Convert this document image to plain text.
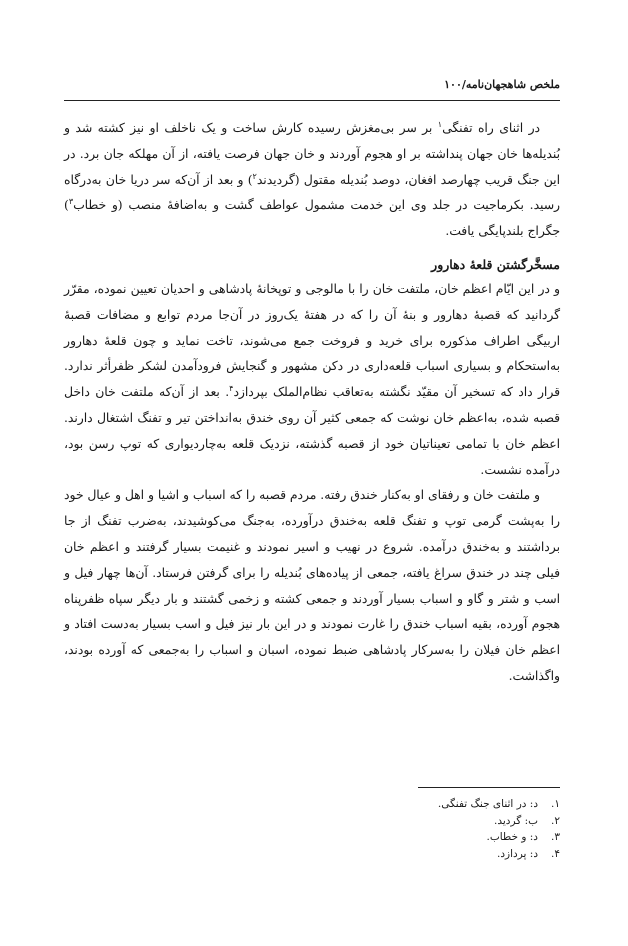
ملخص شاهجهان‌نامه/۱۰۰

در اثنای راه تفنگی$^۱$ بر سر بی‌مغزش رسیده کارش ساخت و یک ناخلف او نیز کشته شد و بُندیله‌ها خان جهان پنداشته بر او هجوم آوردند و خان جهان فرصت یافته، از آن مهلکه جان برد. در این جنگ قریب چهارصد افغان، دوصد بُندیله مقتول (گردیدند$^۲$) و بعد از آن‌که سر دریا خان به‌درگاه رسید. بکرماجیت در جلد وی این خدمت مشمول عواطف گشت و به‌اضافهٔ منصب (و خطاب$^۳$) جگراج بلندپایگی یافت.

مسخَّرگشتن قلعهٔ دهارور

و در این ایّام اعظم خان، ملتفت خان را با مالوجی و توپخانهٔ پادشاهی و احدیان تعیین نموده، مقرّر گردانید که قصبهٔ دهارور و بنهٔ آن را که در هفتهٔ یک‌روز در آن‌جا مردم توابع و مضافات قصبهٔ اربیگی اطراف مذکوره برای خرید و فروخت جمع می‌شوند، تاخت نماید و چون قلعهٔ دهارور به‌استحکام و بسیاری اسباب قلعه‌داری در دکن مشهور و گنجایش فرودآمدن لشکر ظفرأثر ندارد. قرار داد که تسخیر آن مقیّد نگشته به‌تعاقب نظام‌الملک بپردازد$^۴$. بعد از آن‌که ملتفت خان داخل قصبه شده، به‌اعظم خان نوشت که جمعی کثیر آن روی خندق به‌انداختن تیر و تفنگ اشتغال دارند. اعظم خان با تمامی تعیناتیان خود از قصبه گذشته، نزدیک قلعه به‌چاردیواری که توپ رسن بود، درآمده نشست.

و ملتفت خان و رفقای او به‌کنار خندق رفته. مردم قصبه را که اسباب و اشیا و اهل و عیال خود را به‌پشت گرمی توپ و تفنگ قلعه به‌خندق درآورده، به‌جنگ می‌کوشیدند، به‌ضرب تفنگ از جا برداشتند و به‌خندق درآمده. شروع در نهیب و اسیر نمودند و غنیمت بسیار گرفتند و اعظم خان فیلی چند در خندق سراغ یافته، جمعی از پیاده‌های بُندیله را برای گرفتن فرستاد. آن‌ها چهار فیل و اسب و شتر و گاو و اسباب بسیار آوردند و جمعی کشته و زخمی گشتند و بار دیگر سپاه ظفرپناه هجوم آورده، بقیه اسباب خندق را غارت نمودند و در این بار نیز فیل و اسب بسیار به‌دست افتاد و اعظم خان فیلان را به‌سرکار پادشاهی ضبط نموده، اسبان و اسباب را به‌جمعی که آورده بودند، واگذاشت.

۱.د: در اثنای جنگ تفنگی.
۲.ب: گردید.
۳.د: و خطاب.
۴.د: پردازد.
